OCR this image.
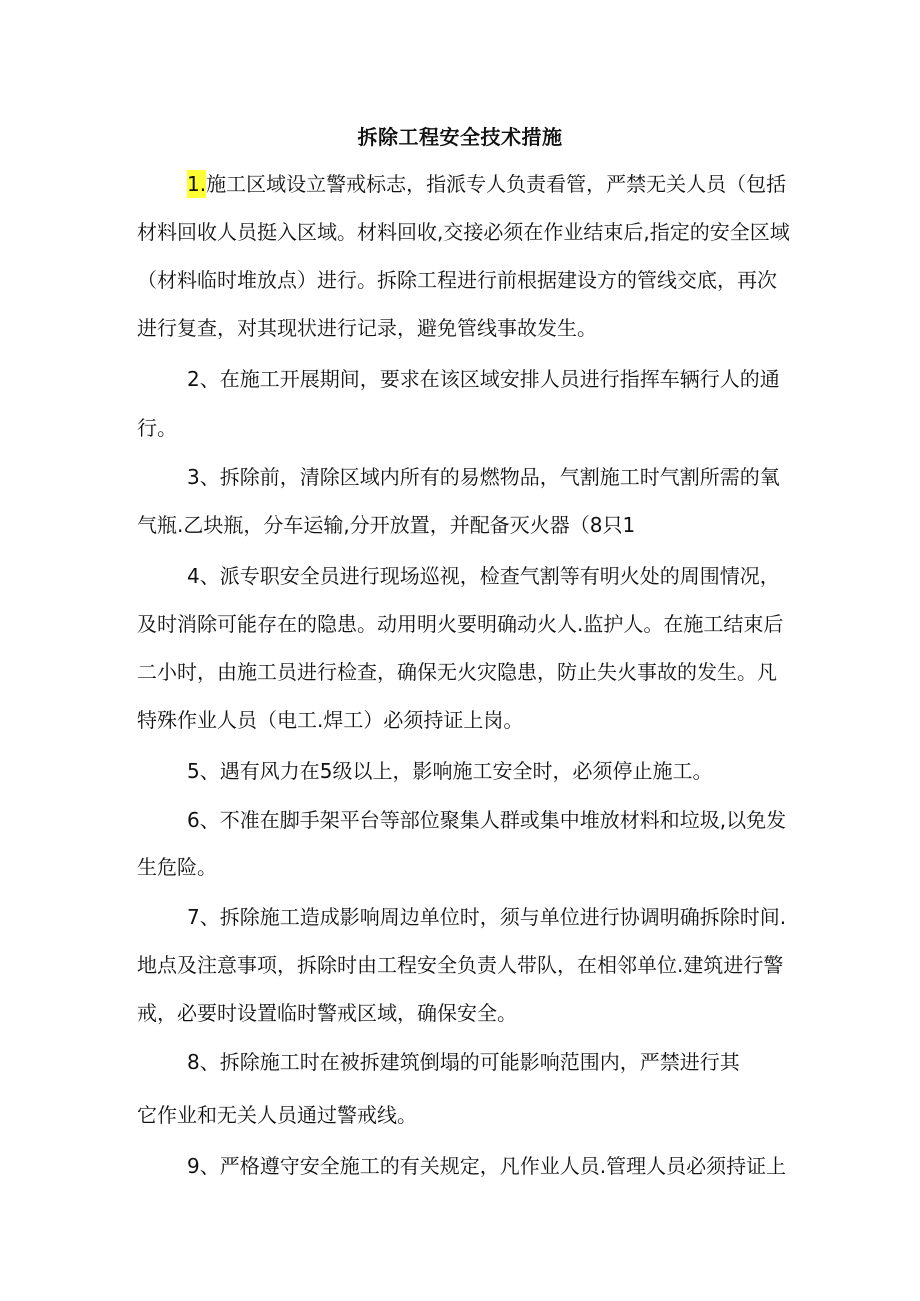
拆除工程安全技术措施
1.施工区域设立警戒标志，指派专人负责看管，严禁无关人员（包括
材料回收人员挺入区域。材料回收,交接必须在作业结束后,指定的安全区域
（材料临时堆放点）进行。拆除工程进行前根据建设方的管线交底，再次
进行复查，对其现状进行记录，避免管线事故发生。
2、在施工开展期间，要求在该区域安排人员进行指挥车辆行人的通
行。
3、拆除前，清除区域内所有的易燃物品，气割施工时气割所需的氧
气瓶.乙块瓶，分车运输,分开放置，并配备灭火器（8只1
4、派专职安全员进行现场巡视，检查气割等有明火处的周围情况，
及时消除可能存在的隐患。动用明火要明确动火人.监护人。在施工结束后
二小时，由施工员进行检查，确保无火灾隐患，防止失火事故的发生。凡
特殊作业人员（电工.焊工）必须持证上岗。
5、遇有风力在5级以上，影响施工安全时，必须停止施工。
6、不准在脚手架平台等部位聚集人群或集中堆放材料和垃圾,以免发
生危险。
7、拆除施工造成影响周边单位时，须与单位进行协调明确拆除时间.
地点及注意事项，拆除时由工程安全负责人带队，在相邻单位.建筑进行警
戒，必要时设置临时警戒区域，确保安全。
8、拆除施工时在被拆建筑倒塌的可能影响范围内，严禁进行其
它作业和无关人员通过警戒线。
9、严格遵守安全施工的有关规定，凡作业人员.管理人员必须持证上
